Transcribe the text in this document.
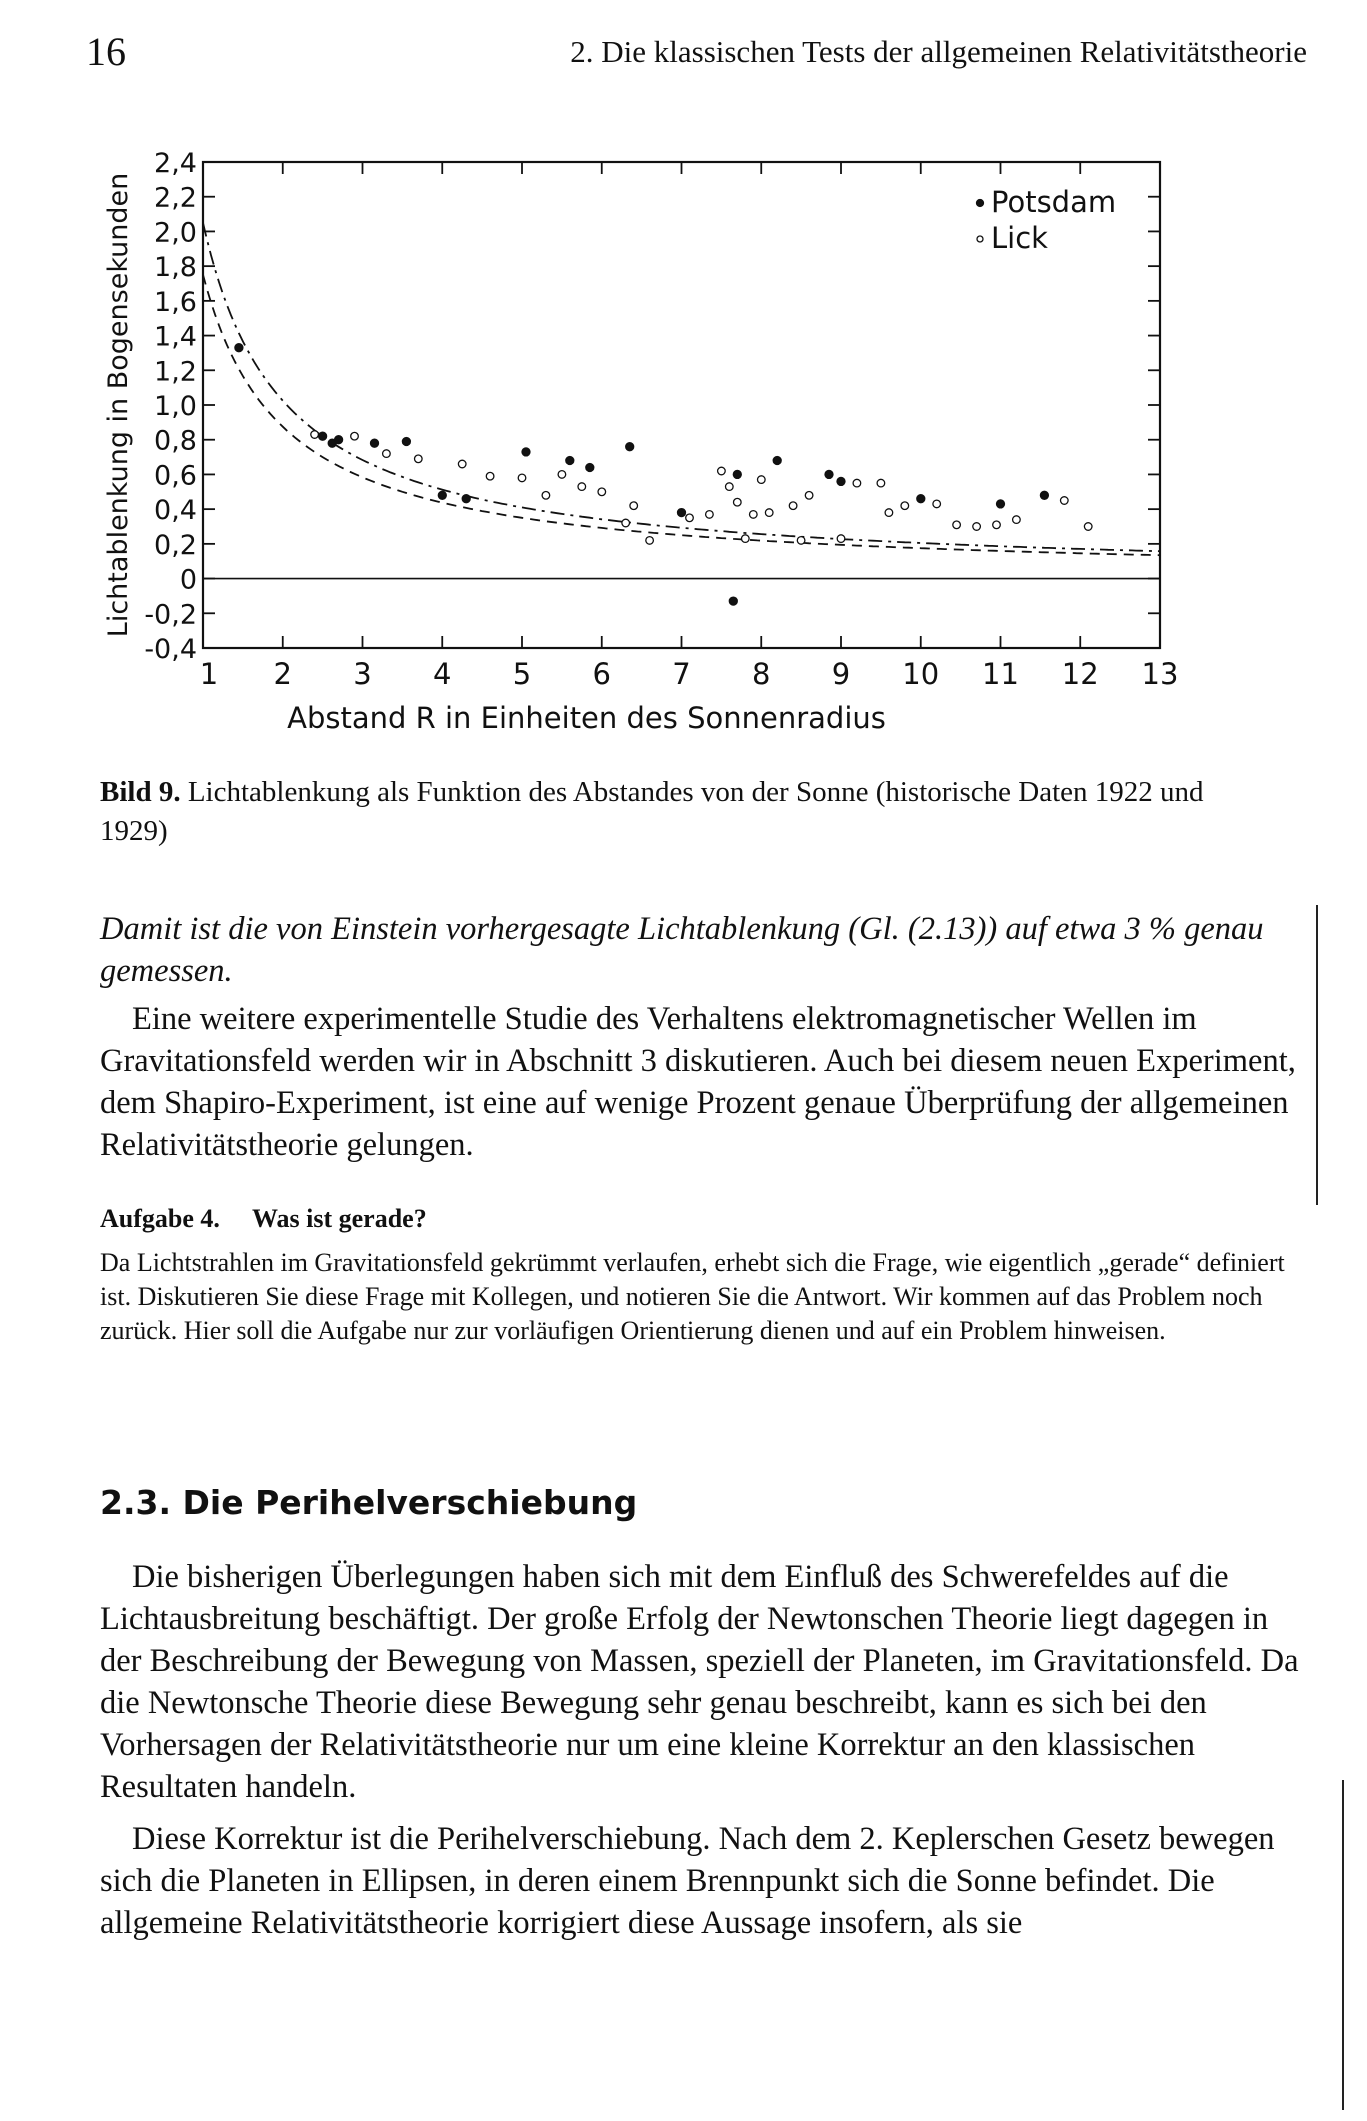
16	2. Die klassischen Tests der allgemeinen Relativitätstheorie
1 2 3 4 5 6 7 8 9 10 11 12 13
2,4
2,2
2,0
1,8
1,6
1,4
1,2
1,0
0,8
0,6
0,4
0,2
0
-0,2
-0,4
Potsdam
Lick
Lichtablenkung in Bogensekunden
Abstand R in Einheiten des Sonnenradius
Bild 9. Lichtablenkung als Funktion des Abstandes von der Sonne (historische Daten 1922 und 1929)

Damit ist die von Einstein vorhergesagte Lichtablenkung (Gl. (2.13)) auf etwa 3 % genau gemessen.

Eine weitere experimentelle Studie des Verhaltens elektromagnetischer Wellen im Gravitationsfeld werden wir in Abschnitt 3 diskutieren. Auch bei diesem neuen Experiment, dem Shapiro-Experiment, ist eine auf wenige Prozent genaue Überprüfung der allgemeinen Relativitätstheorie gelungen.

Aufgabe 4. Was ist gerade?
Da Lichtstrahlen im Gravitationsfeld gekrümmt verlaufen, erhebt sich die Frage, wie eigentlich „gerade“ definiert ist. Diskutieren Sie diese Frage mit Kollegen, und notieren Sie die Antwort. Wir kommen auf das Problem noch zurück. Hier soll die Aufgabe nur zur vorläufigen Orientierung dienen und auf ein Problem hinweisen.
2.3. Die Perihelverschiebung

Die bisherigen Überlegungen haben sich mit dem Einfluß des Schwerefeldes auf die Lichtausbreitung beschäftigt. Der große Erfolg der Newtonschen Theorie liegt dagegen in der Beschreibung der Bewegung von Massen, speziell der Planeten, im Gravitationsfeld. Da die Newtonsche Theorie diese Bewegung sehr genau beschreibt, kann es sich bei den Vorhersagen der Relativitätstheorie nur um eine kleine Korrektur an den klassischen Resultaten handeln.

Diese Korrektur ist die Perihelverschiebung. Nach dem 2. Keplerschen Gesetz bewegen sich die Planeten in Ellipsen, in deren einem Brennpunkt sich die Sonne befindet. Die allgemeine Relativitätstheorie korrigiert diese Aussage insofern, als sie
